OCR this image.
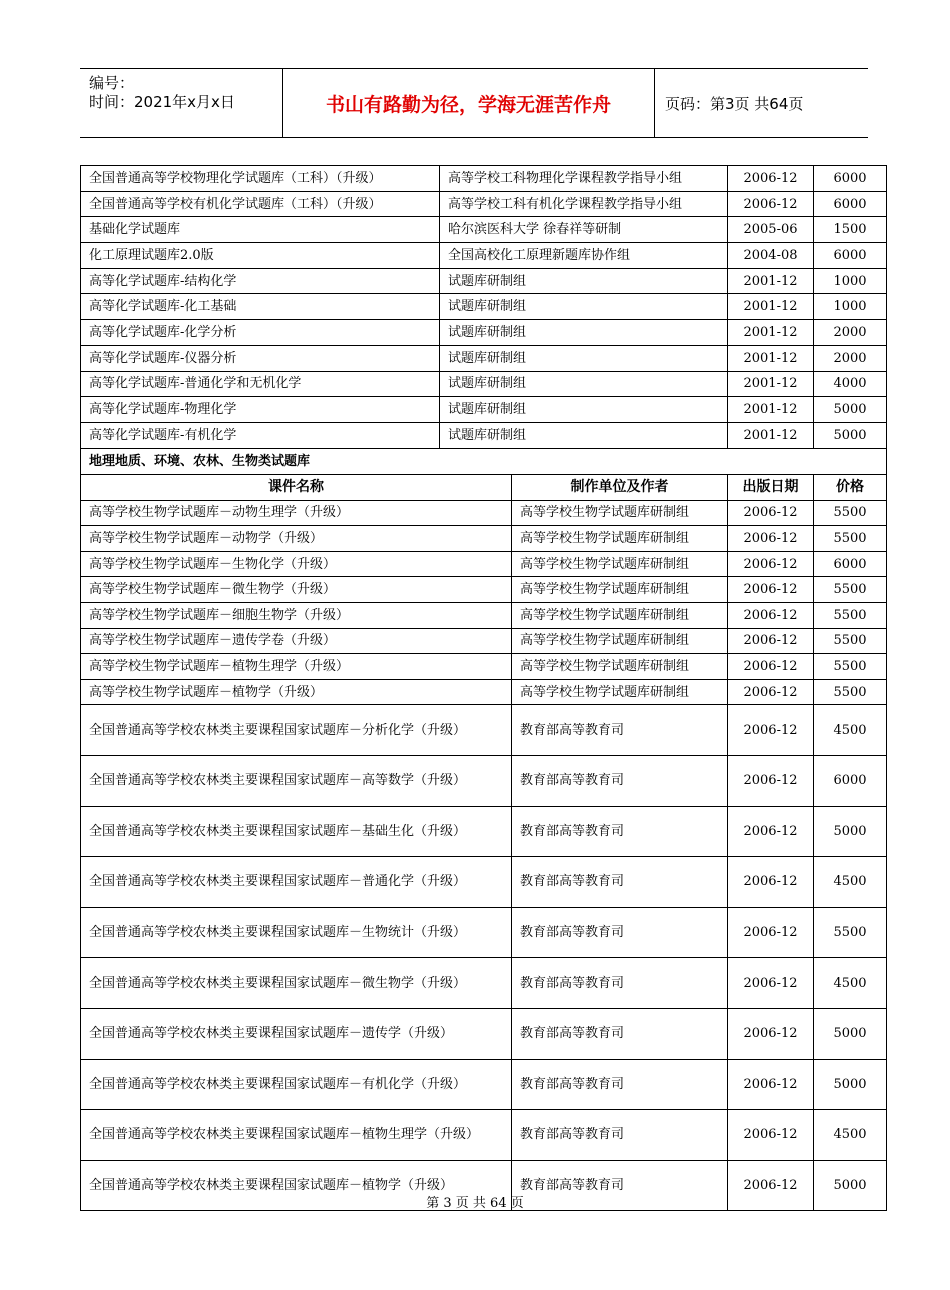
编号：
时间：2021年x月x日	书山有路勤为径，学海无涯苦作舟	页码：第3页 共64页
全国普通高等学校物理化学试题库（工科）（升级）	高等学校工科物理化学课程教学指导小组	2006-12	6000
全国普通高等学校有机化学试题库（工科）（升级）	高等学校工科有机化学课程教学指导小组	2006-12	6000
基础化学试题库	哈尔滨医科大学 徐春祥等研制	2005-06	1500
化工原理试题库2.0版	全国高校化工原理新题库协作组	2004-08	6000
高等化学试题库-结构化学	试题库研制组	2001-12	1000
高等化学试题库-化工基础	试题库研制组	2001-12	1000
高等化学试题库-化学分析	试题库研制组	2001-12	2000
高等化学试题库-仪器分析	试题库研制组	2001-12	2000
高等化学试题库-普通化学和无机化学	试题库研制组	2001-12	4000
高等化学试题库-物理化学	试题库研制组	2001-12	5000
高等化学试题库-有机化学	试题库研制组	2001-12	5000
地理地质、环境、农林、生物类试题库			
课件名称	制作单位及作者	出版日期	价格
高等学校生物学试题库－动物生理学（升级）	高等学校生物学试题库研制组	2006-12	5500
高等学校生物学试题库－动物学（升级）	高等学校生物学试题库研制组	2006-12	5500
高等学校生物学试题库－生物化学（升级）	高等学校生物学试题库研制组	2006-12	6000
高等学校生物学试题库－微生物学（升级）	高等学校生物学试题库研制组	2006-12	5500
高等学校生物学试题库－细胞生物学（升级）	高等学校生物学试题库研制组	2006-12	5500
高等学校生物学试题库－遗传学卷（升级）	高等学校生物学试题库研制组	2006-12	5500
高等学校生物学试题库－植物生理学（升级）	高等学校生物学试题库研制组	2006-12	5500
高等学校生物学试题库－植物学（升级）	高等学校生物学试题库研制组	2006-12	5500
全国普通高等学校农林类主要课程国家试题库－分析化学（升级）	教育部高等教育司	2006-12	4500
全国普通高等学校农林类主要课程国家试题库－高等数学（升级）	教育部高等教育司	2006-12	6000
全国普通高等学校农林类主要课程国家试题库－基础生化（升级）	教育部高等教育司	2006-12	5000
全国普通高等学校农林类主要课程国家试题库－普通化学（升级）	教育部高等教育司	2006-12	4500
全国普通高等学校农林类主要课程国家试题库－生物统计（升级）	教育部高等教育司	2006-12	5500
全国普通高等学校农林类主要课程国家试题库－微生物学（升级）	教育部高等教育司	2006-12	4500
全国普通高等学校农林类主要课程国家试题库－遗传学（升级）	教育部高等教育司	2006-12	5000
全国普通高等学校农林类主要课程国家试题库－有机化学（升级）	教育部高等教育司	2006-12	5000
全国普通高等学校农林类主要课程国家试题库－植物生理学（升级）	教育部高等教育司	2006-12	4500
全国普通高等学校农林类主要课程国家试题库－植物学（升级）	教育部高等教育司	2006-12	5000
第 3 页 共 64 页
